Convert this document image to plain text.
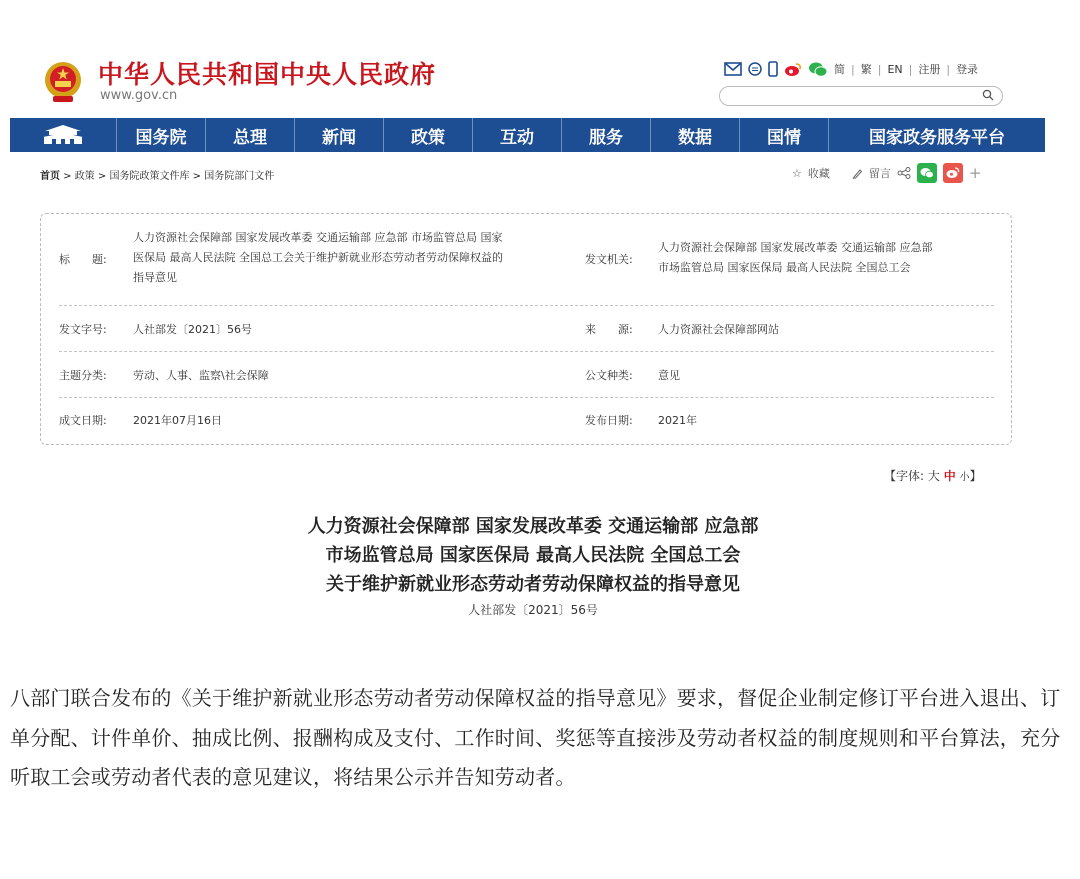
中华人民共和国中央人民政府
www.gov.cn
简 | 繁 | EN | 注册 | 登录
国务院	总理	新闻	政策	互动	服务	数据	国情	国家政务服务平台
首页 > 政策 > 国务院政策文件库 > 国务院部门文件	☆ 收藏	留言	+
标　　题:
人力资源社会保障部 国家发展改革委 交通运输部 应急部 市场监管总局 国家
医保局 最高人民法院 全国总工会关于维护新就业形态劳动者劳动保障权益的
指导意见
发文机关:
人力资源社会保障部 国家发展改革委 交通运输部 应急部
市场监管总局 国家医保局 最高人民法院 全国总工会
发文字号: 人社部发〔2021〕56号	来　　源: 人力资源社会保障部网站
主题分类: 劳动、人事、监察\社会保障	公文种类: 意见
成文日期: 2021年07月16日	发布日期: 2021年
【字体: 大 中 小】
人力资源社会保障部 国家发展改革委 交通运输部 应急部
市场监管总局 国家医保局 最高人民法院 全国总工会
关于维护新就业形态劳动者劳动保障权益的指导意见
人社部发〔2021〕56号
八部门联合发布的《关于维护新就业形态劳动者劳动保障权益的指导意见》要求，督促企业制定修订平台进入退出、订单分配、计件单价、抽成比例、报酬构成及支付、工作时间、奖惩等直接涉及劳动者权益的制度规则和平台算法，充分听取工会或劳动者代表的意见建议，将结果公示并告知劳动者。
